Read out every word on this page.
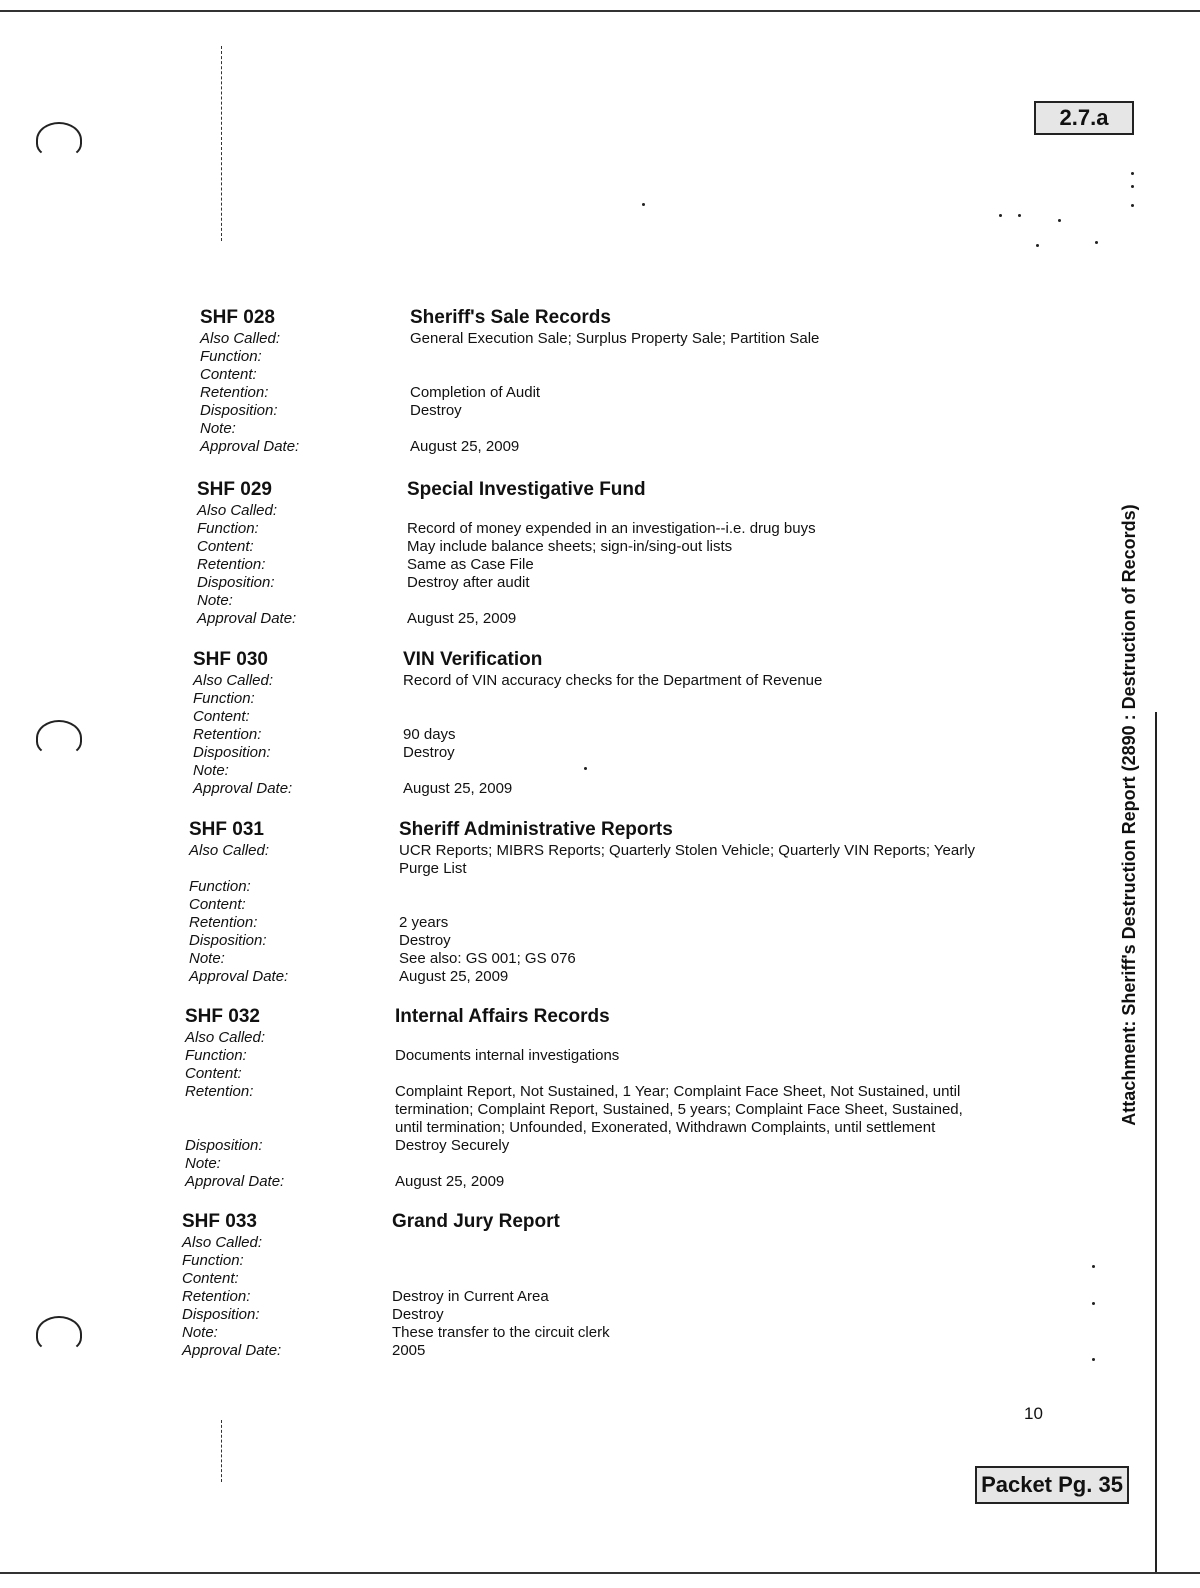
2.7.a
Packet Pg. 35
10
Attachment: Sheriff's Destruction Report (2890 : Destruction of Records)
SHF 028	Sheriff's Sale Records
Also Called:	General Execution Sale; Surplus Property Sale; Partition Sale
Function:
Content:
Retention:	Completion of Audit
Disposition:	Destroy
Note:
Approval Date:	August 25, 2009
SHF 029	Special Investigative Fund
Also Called:
Function:	Record of money expended in an investigation--i.e. drug buys
Content:	May include balance sheets; sign-in/sing-out lists
Retention:	Same as Case File
Disposition:	Destroy after audit
Note:
Approval Date:	August 25, 2009
SHF 030	VIN Verification
Also Called:	Record of VIN accuracy checks for the Department of Revenue
Function:
Content:
Retention:	90 days
Disposition:	Destroy
Note:
Approval Date:	August 25, 2009
SHF 031	Sheriff Administrative Reports
Also Called:	UCR Reports; MIBRS Reports; Quarterly Stolen Vehicle; Quarterly VIN Reports; Yearly Purge List
Function:
Content:
Retention:	2 years
Disposition:	Destroy
Note:	See also: GS 001; GS 076
Approval Date:	August 25, 2009
SHF 032	Internal Affairs Records
Also Called:
Function:	Documents internal investigations
Content:
Retention:	Complaint Report, Not Sustained, 1 Year; Complaint Face Sheet, Not Sustained, until termination; Complaint Report, Sustained, 5 years; Complaint Face Sheet, Sustained, until termination; Unfounded, Exonerated, Withdrawn Complaints, until settlement
Disposition:	Destroy Securely
Note:
Approval Date:	August 25, 2009
SHF 033	Grand Jury Report
Also Called:
Function:
Content:
Retention:	Destroy in Current Area
Disposition:	Destroy
Note:	These transfer to the circuit clerk
Approval Date:	2005
